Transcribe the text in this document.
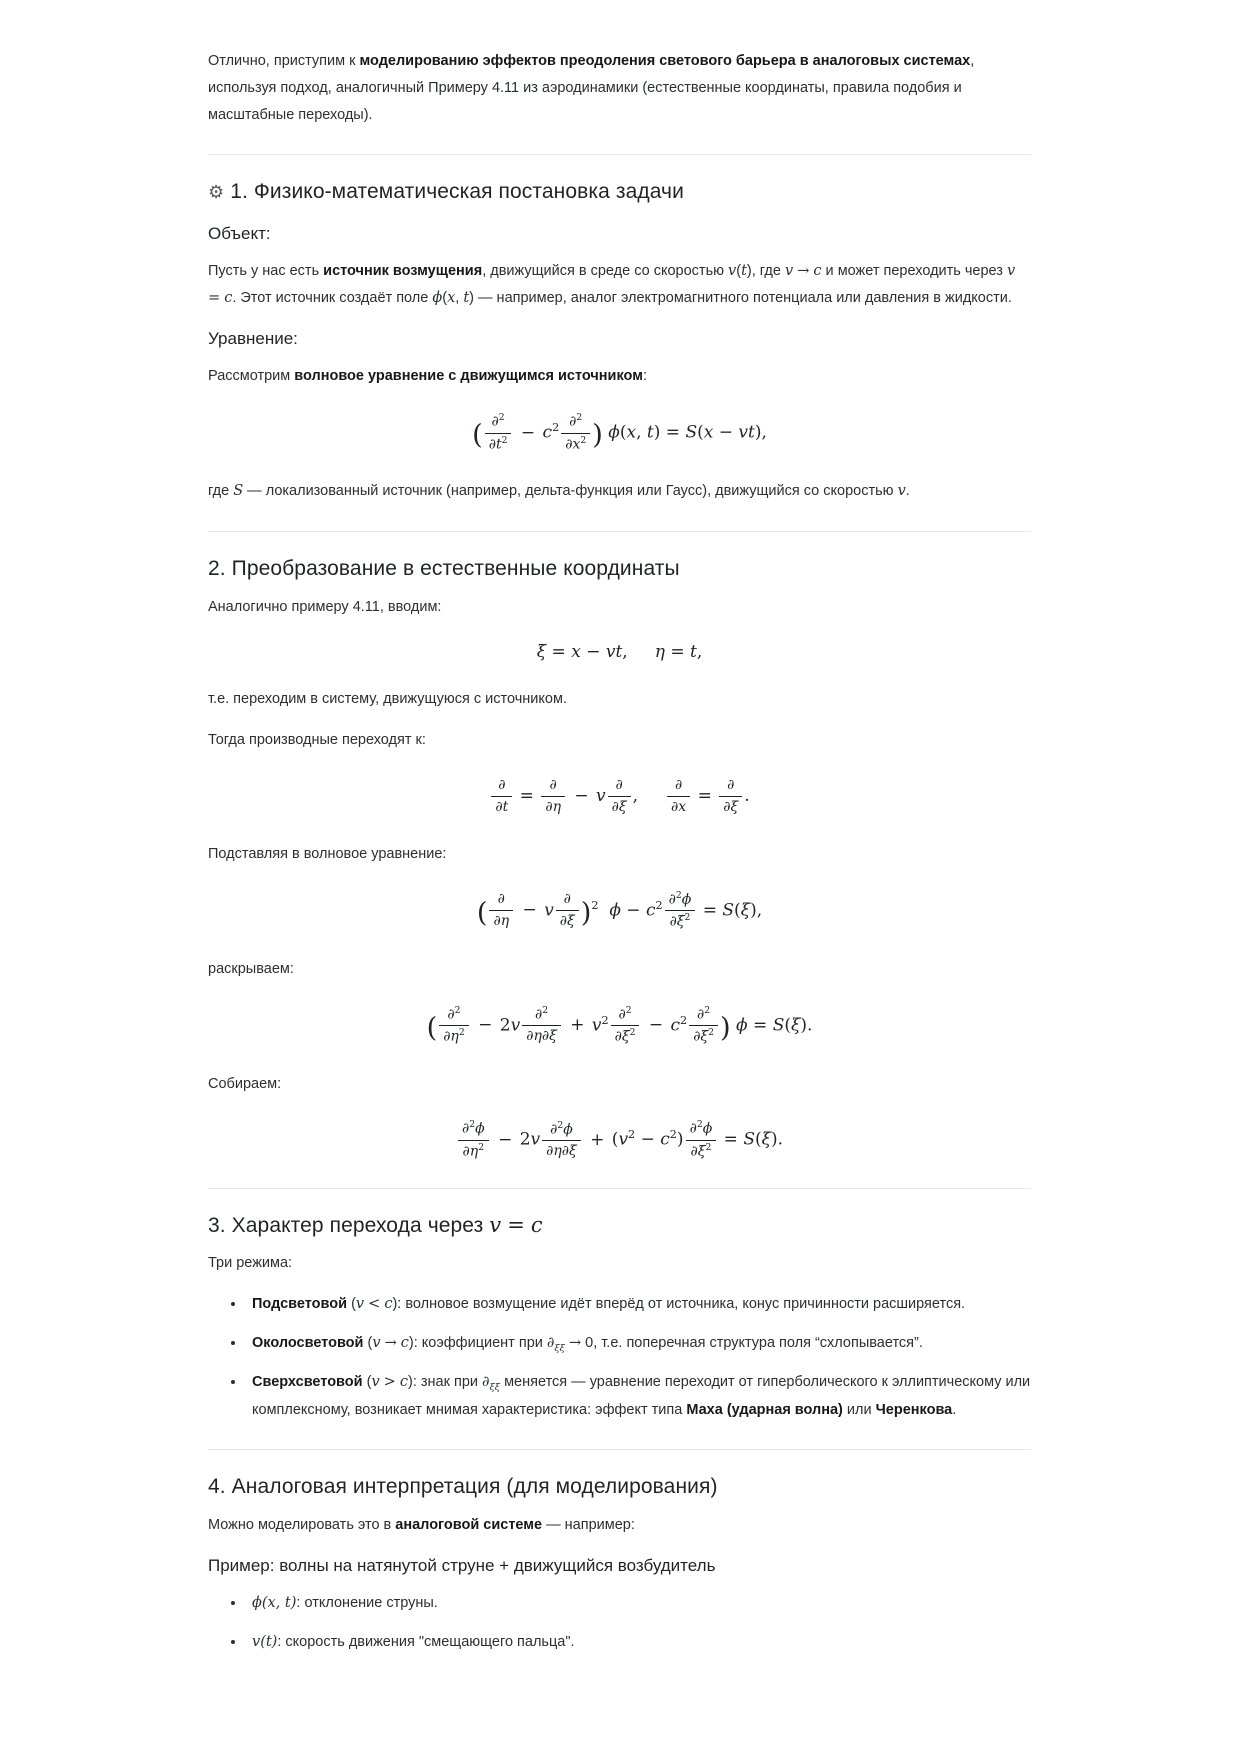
Отлично, приступим к моделированию эффектов преодоления светового барьера в аналоговых системах, используя подход, аналогичный Примеру 4.11 из аэродинамики (естественные координаты, правила подобия и масштабные переходы).

⚙ 1. Физико-математическая постановка задачи
Объект:

Пусть у нас есть источник возмущения, движущийся в среде со скоростью v(t), где v → c и может переходить через v = c. Этот источник создаёт поле ϕ(x, t) — например, аналог электромагнитного потенциала или давления в жидкости.

Уравнение:

Рассмотрим волновое уравнение с движущимся источником:

( $\frac{\partial^2}{\partial t^2} - c^2 \frac{\partial^2}{\partial x^2}$ ) ϕ(x, t) = S(x − vt),

где S — локализованный источник (например, дельта-функция или Гаусс), движущийся со скоростью v.

2. Преобразование в естественные координаты

Аналогично примеру 4.11, вводим:

ξ = x − vt,     η = t,

т.е. переходим в систему, движущуюся с источником.

Тогда производные переходят к:

$\frac{\partial}{\partial t} = \frac{\partial}{\partial\eta} - v \frac{\partial}{\partial\xi}$ , $\frac{\partial}{\partial x} = \frac{\partial}{\partial\xi}$ .

Подставляя в волновое уравнение:

( $\frac{\partial}{\partial\eta} - v \frac{\partial}{\partial\xi} )^2$ $\phi - c^2 \frac{\partial^2\phi}{\partial\xi^2} = S(\xi)$,

раскрываем:

( $\frac{\partial^2}{\partial\eta^2} - 2v \frac{\partial^2}{\partial\eta\partial\xi} + v^2 \frac{\partial^2}{\partial\xi^2} - c^2 \frac{\partial^2}{\partial\xi^2}$ ) ϕ = S(ξ).

Собираем:

$\frac{\partial^2\phi}{\partial\eta^2} - 2v \frac{\partial^2\phi}{\partial\eta\partial\xi} + (v^2 - c^2) \frac{\partial^2\phi}{\partial\xi^2} = S(\xi)$.
3. Характер перехода через v = c

Три режима:

• Подсветовой (v < c): волновое возмущение идёт вперёд от источника, конус причинности расширяется.
• Околосветовой (v → c): коэффициент при $\partial_{\xi\xi} \to 0$, т.е. поперечная структура поля “схлопывается”.
• Сверхсветовой (v > c): знак при $\partial_{\xi\xi}$ меняется — уравнение переходит от гиперболического к эллиптическому или комплексному, возникает мнимая характеристика: эффект типа Маха (ударная волна) или Черенкова.
4. Аналоговая интерпретация (для моделирования)

Можно моделировать это в аналоговой системе — например:

Пример: волны на натянутой струне + движущийся возбудитель
• ϕ(x, t): отклонение струны.
• v(t): скорость движения "смещающего пальца".
